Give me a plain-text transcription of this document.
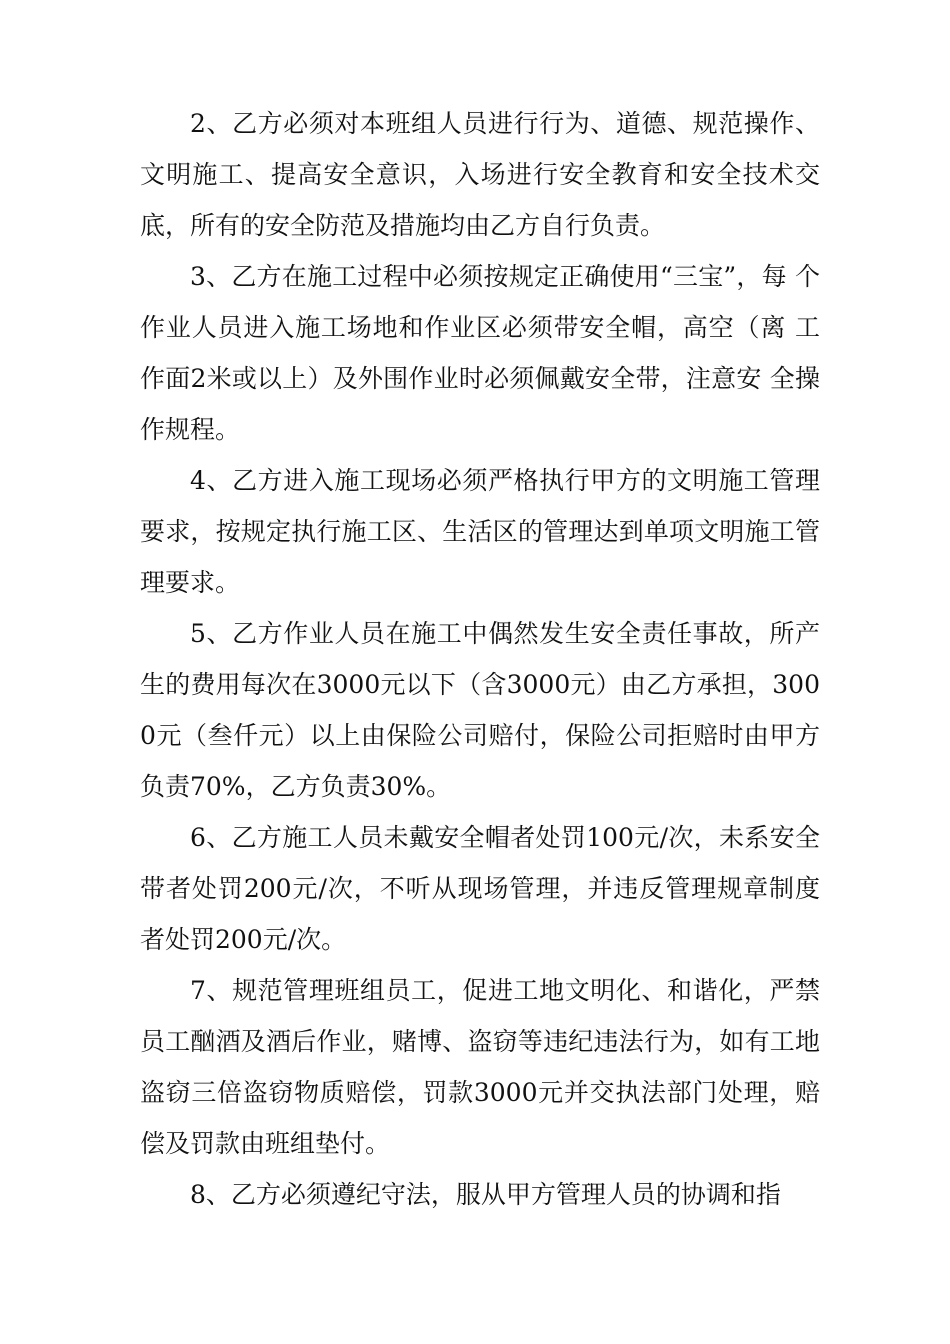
2、乙方必须对本班组人员进行行为、道德、规范操作、文明施工、提高安全意识，入场进行安全教育和安全技术交底，所有的安全防范及措施均由乙方自行负责。

3、乙方在施工过程中必须按规定正确使用“三宝”，每 个作业人员进入施工场地和作业区必须带安全帽，高空（离 工作面2米或以上）及外围作业时必须佩戴安全带，注意安 全操作规程。

4、乙方进入施工现场必须严格执行甲方的文明施工管理要求，按规定执行施工区、生活区的管理达到单项文明施工管理要求。

5、乙方作业人员在施工中偶然发生安全责任事故，所产生的费用每次在3000元以下（含3000元）由乙方承担，3000元（叁仟元）以上由保险公司赔付，保险公司拒赔时由甲方负责70%，乙方负责30%。

6、乙方施工人员未戴安全帽者处罚100元/次，未系安全带者处罚200元/次，不听从现场管理，并违反管理规章制度者处罚200元/次。

7、规范管理班组员工，促进工地文明化、和谐化，严禁员工酗酒及酒后作业，赌博、盗窃等违纪违法行为，如有工地盗窃三倍盗窃物质赔偿，罚款3000元并交执法部门处理，赔偿及罚款由班组垫付。

8、乙方必须遵纪守法，服从甲方管理人员的协调和指
